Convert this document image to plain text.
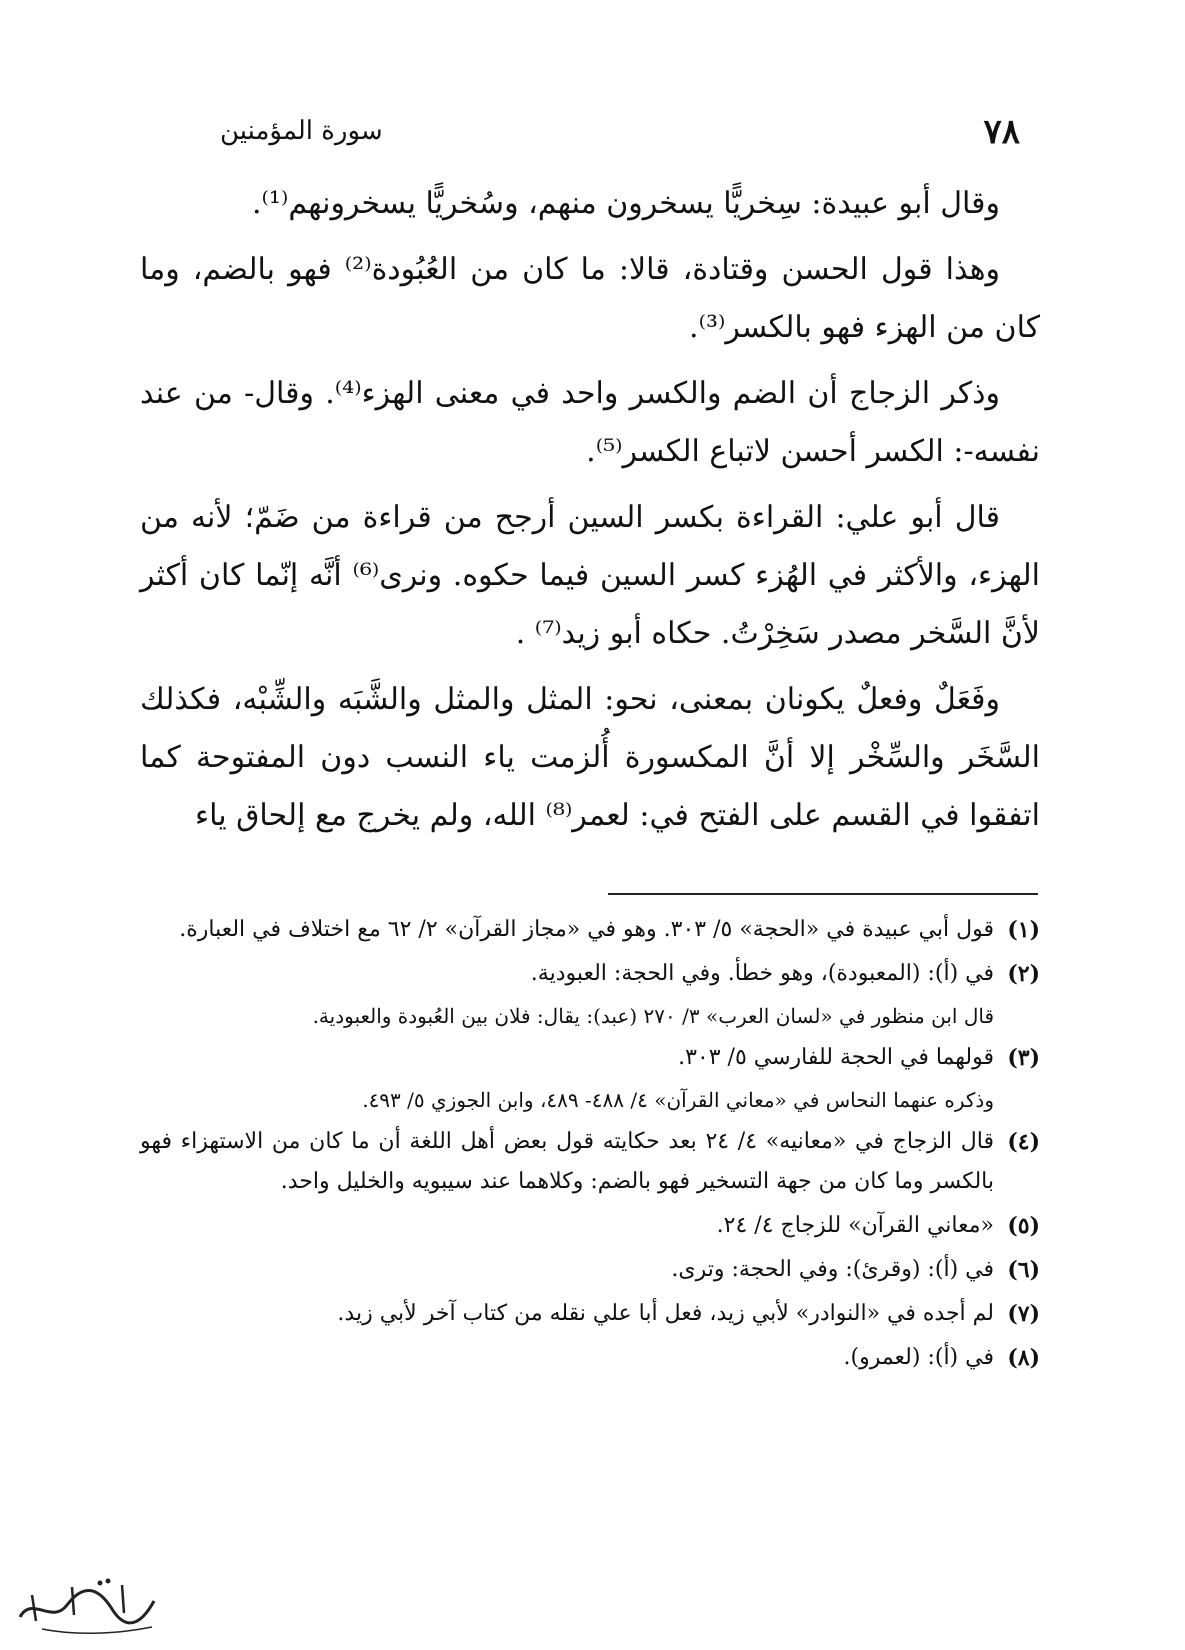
سورة المؤمنين	٧٨

وقال أبو عبيدة: سِخريًّا يسخرون منهم، وسُخريًّا يسخرونهم⁽¹⁾.

وهذا قول الحسن وقتادة، قالا: ما كان من العُبُودة⁽²⁾ فهو بالضم، وما كان من الهزء فهو بالكسر⁽³⁾.

وذكر الزجاج أن الضم والكسر واحد في معنى الهزء⁽⁴⁾. وقال- من عند نفسه-: الكسر أحسن لاتباع الكسر⁽⁵⁾.

قال أبو علي: القراءة بكسر السين أرجح من قراءة من ضَمّ؛ لأنه من الهزء، والأكثر في الهُزء كسر السين فيما حكوه. ونرى⁽⁶⁾ أنَّه إنّما كان أكثر لأنَّ السَّخر مصدر سَخِرْتُ. حكاه أبو زيد⁽⁷⁾ .

وفَعَلٌ وفعلٌ يكونان بمعنى، نحو: المثل والمثل والشَّبَه والشِّبْه، فكذلك السَّخَر والسِّخْر إلا أنَّ المكسورة أُلزمت ياء النسب دون المفتوحة كما اتفقوا في القسم على الفتح في: لعمر⁽⁸⁾ الله، ولم يخرج مع إلحاق ياء

(١)
قول أبي عبيدة في «الحجة» ٥/ ٣٠٣. وهو في «مجاز القرآن» ٢/ ٦٢ مع اختلاف في العبارة.
(٢)
في (أ): (المعبودة)، وهو خطأ. وفي الحجة: العبودية.
قال ابن منظور في «لسان العرب» ٣/ ٢٧٠ (عبد): يقال: فلان بين العُبودة والعبودية.
(٣)
قولهما في الحجة للفارسي ٥/ ٣٠٣.
وذكره عنهما النحاس في «معاني القرآن» ٤/ ٤٨٨- ٤٨٩، وابن الجوزي ٥/ ٤٩٣.
(٤)
قال الزجاج في «معانيه» ٤/ ٢٤ بعد حكايته قول بعض أهل اللغة أن ما كان من الاستهزاء فهو بالكسر وما كان من جهة التسخير فهو بالضم: وكلاهما عند سيبويه والخليل واحد.
(٥)
«معاني القرآن» للزجاج ٤/ ٢٤.
(٦)
في (أ): (وقرئ): وفي الحجة: وترى.
(٧)
لم أجده في «النوادر» لأبي زيد، فعل أبا علي نقله من كتاب آخر لأبي زيد.
(٨)
في (أ): (لعمرو).
